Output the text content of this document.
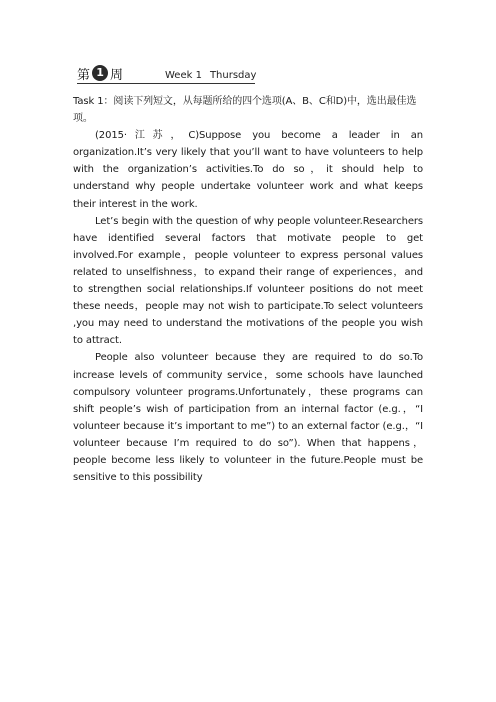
第 1 周	Week 1 Thursday

Task 1：阅读下列短文，从每题所给的四个选项(A、B、C和D)中，选出最佳选项。

(2015·江苏，C)Suppose you become a leader in an organization.It’s very likely that you’ll want to have volunteers to help with the organization’s activities.To do so，it should help to understand why people undertake volunteer work and what keeps their interest in the work.

Let’s begin with the question of why people volunteer.Researchers have identified several factors that motivate people to get involved.For example，people volunteer to express personal values related to unselfishness，to expand their range of experiences，and to strengthen social relationships.If volunteer positions do not meet these needs，people may not wish to participate.To select volunteers ,you may need to understand the motivations of the people you wish to attract.

People also volunteer because they are required to do so.To increase levels of community service，some schools have launched compulsory volunteer programs.Unfortunately，these programs can shift people’s wish of participation from an internal factor (e.g.，“I volunteer because it’s important to me”) to an external factor (e.g.，“I volunteer because I’m required to do so”). When that happens，people become less likely to volunteer in the future.People must be sensitive to this possibility
